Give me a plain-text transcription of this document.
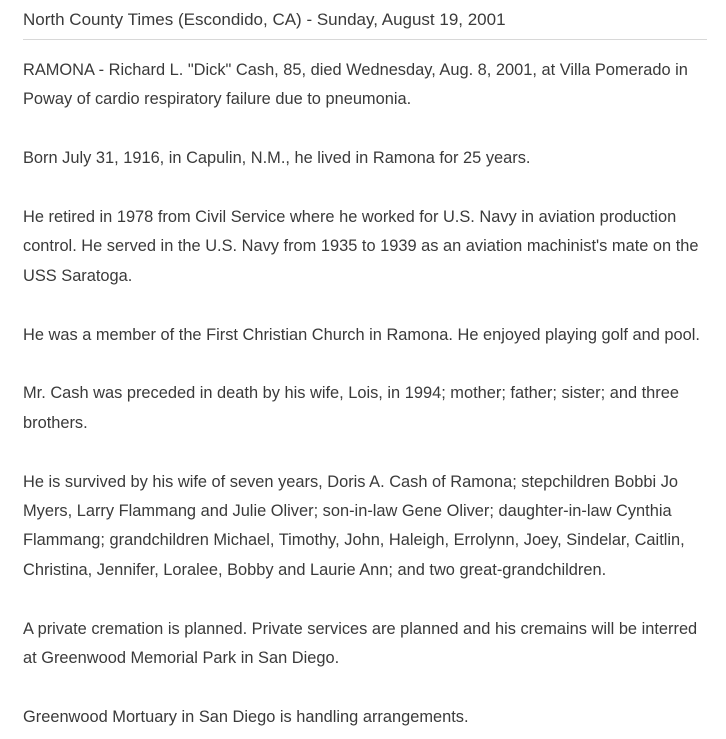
North County Times (Escondido, CA) - Sunday, August 19, 2001

RAMONA - Richard L. "Dick" Cash, 85, died Wednesday, Aug. 8, 2001, at Villa Pomerado in Poway of cardio respiratory failure due to pneumonia.

Born July 31, 1916, in Capulin, N.M., he lived in Ramona for 25 years.

He retired in 1978 from Civil Service where he worked for U.S. Navy in aviation production control. He served in the U.S. Navy from 1935 to 1939 as an aviation machinist's mate on the USS Saratoga.

He was a member of the First Christian Church in Ramona. He enjoyed playing golf and pool.

Mr. Cash was preceded in death by his wife, Lois, in 1994; mother; father; sister; and three brothers.

He is survived by his wife of seven years, Doris A. Cash of Ramona; stepchildren Bobbi Jo Myers, Larry Flammang and Julie Oliver; son-in-law Gene Oliver; daughter-in-law Cynthia Flammang; grandchildren Michael, Timothy, John, Haleigh, Errolynn, Joey, Sindelar, Caitlin, Christina, Jennifer, Loralee, Bobby and Laurie Ann; and two great-grandchildren.

A private cremation is planned. Private services are planned and his cremains will be interred at Greenwood Memorial Park in San Diego.

Greenwood Mortuary in San Diego is handling arrangements.
